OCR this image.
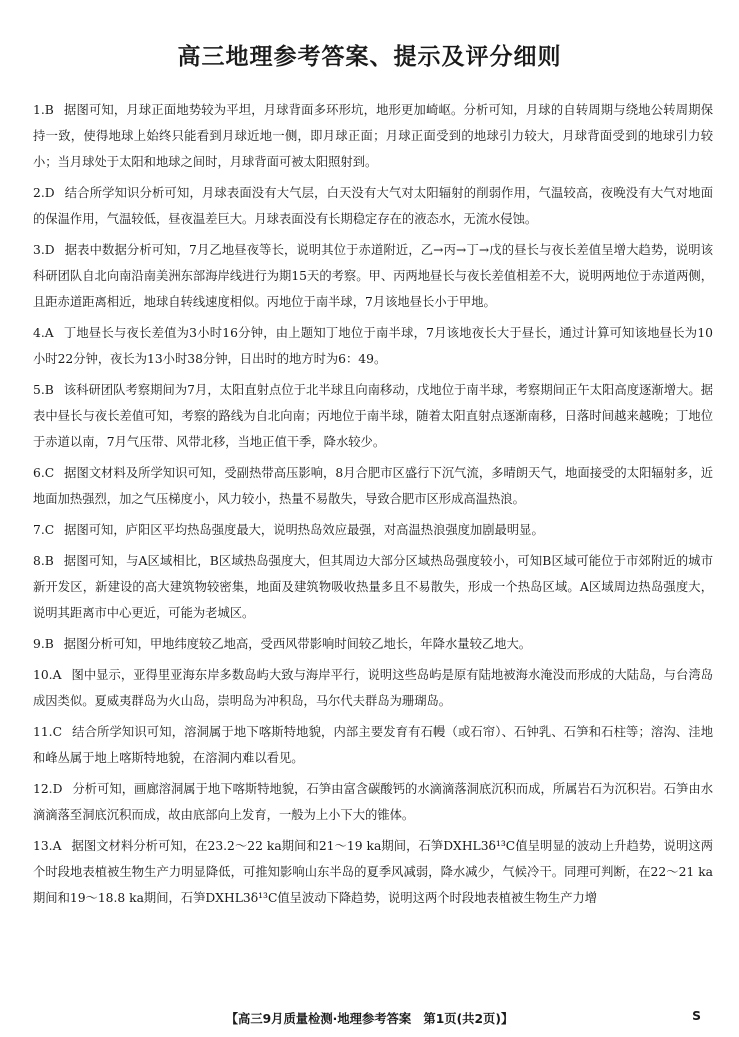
高三地理参考答案、提示及评分细则
1.B 据图可知，月球正面地势较为平坦，月球背面多环形坑，地形更加崎岖。分析可知，月球的自转周期与绕地公转周期保持一致，使得地球上始终只能看到月球近地一侧，即月球正面；月球正面受到的地球引力较大，月球背面受到的地球引力较小；当月球处于太阳和地球之间时，月球背面可被太阳照射到。
2.D 结合所学知识分析可知，月球表面没有大气层，白天没有大气对太阳辐射的削弱作用，气温较高，夜晚没有大气对地面的保温作用，气温较低，昼夜温差巨大。月球表面没有长期稳定存在的液态水，无流水侵蚀。
3.D 据表中数据分析可知，7月乙地昼夜等长，说明其位于赤道附近，乙→丙→丁→戊的昼长与夜长差值呈增大趋势，说明该科研团队自北向南沿南美洲东部海岸线进行为期15天的考察。甲、丙两地昼长与夜长差值相差不大，说明两地位于赤道两侧，且距赤道距离相近，地球自转线速度相似。丙地位于南半球，7月该地昼长小于甲地。
4.A 丁地昼长与夜长差值为3小时16分钟，由上题知丁地位于南半球，7月该地夜长大于昼长，通过计算可知该地昼长为10小时22分钟，夜长为13小时38分钟，日出时的地方时为6：49。
5.B 该科研团队考察期间为7月，太阳直射点位于北半球且向南移动，戊地位于南半球，考察期间正午太阳高度逐渐增大。据表中昼长与夜长差值可知，考察的路线为自北向南；丙地位于南半球，随着太阳直射点逐渐南移，日落时间越来越晚；丁地位于赤道以南，7月气压带、风带北移，当地正值干季，降水较少。
6.C 据图文材料及所学知识可知，受副热带高压影响，8月合肥市区盛行下沉气流，多晴朗天气，地面接受的太阳辐射多，近地面加热强烈，加之气压梯度小，风力较小，热量不易散失，导致合肥市区形成高温热浪。
7.C 据图可知，庐阳区平均热岛强度最大，说明热岛效应最强，对高温热浪强度加剧最明显。
8.B 据图可知，与A区域相比，B区域热岛强度大，但其周边大部分区域热岛强度较小，可知B区域可能位于市郊附近的城市新开发区，新建设的高大建筑物较密集，地面及建筑物吸收热量多且不易散失，形成一个热岛区域。A区域周边热岛强度大，说明其距离市中心更近，可能为老城区。
9.B 据图分析可知，甲地纬度较乙地高，受西风带影响时间较乙地长，年降水量较乙地大。
10.A 图中显示，亚得里亚海东岸多数岛屿大致与海岸平行，说明这些岛屿是原有陆地被海水淹没而形成的大陆岛，与台湾岛成因类似。夏威夷群岛为火山岛，崇明岛为冲积岛，马尔代夫群岛为珊瑚岛。
11.C 结合所学知识可知，溶洞属于地下喀斯特地貌，内部主要发育有石幔（或石帘）、石钟乳、石笋和石柱等；溶沟、洼地和峰丛属于地上喀斯特地貌，在溶洞内难以看见。
12.D 分析可知，画廊溶洞属于地下喀斯特地貌，石笋由富含碳酸钙的水滴滴落洞底沉积而成，所属岩石为沉积岩。石笋由水滴滴落至洞底沉积而成，故由底部向上发育，一般为上小下大的锥体。
13.A 据图文材料分析可知，在23.2～22 ka期间和21～19 ka期间，石笋DXHL3δ¹³C值呈明显的波动上升趋势，说明这两个时段地表植被生物生产力明显降低，可推知影响山东半岛的夏季风减弱，降水减少，气候冷干。同理可判断，在22～21 ka期间和19～18.8 ka期间，石笋DXHL3δ¹³C值呈波动下降趋势，说明这两个时段地表植被生物生产力增
【高三9月质量检测·地理参考答案　第1页(共2页)】	S
